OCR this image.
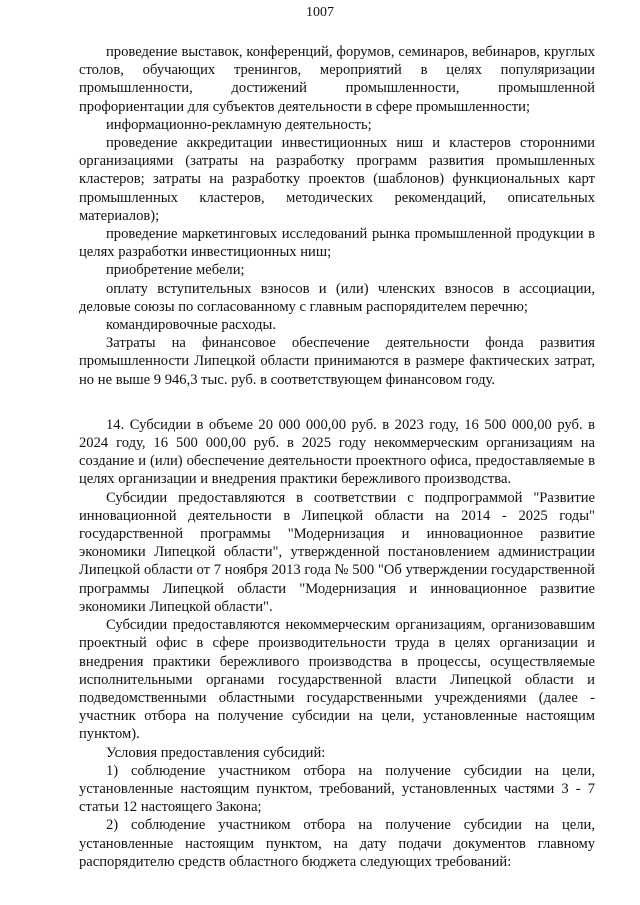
1007

проведение выставок, конференций, форумов, семинаров, вебинаров, круглых столов, обучающих тренингов, мероприятий в целях популяризации промышленности, достижений промышленности, промышленной профориентации для субъектов деятельности в сфере промышленности;

информационно-рекламную деятельность;

проведение аккредитации инвестиционных ниш и кластеров сторонними организациями (затраты на разработку программ развития промышленных кластеров; затраты на разработку проектов (шаблонов) функциональных карт промышленных кластеров, методических рекомендаций, описательных материалов);

проведение маркетинговых исследований рынка промышленной продукции в целях разработки инвестиционных ниш;

приобретение мебели;

оплату вступительных взносов и (или) членских взносов в ассоциации, деловые союзы по согласованному с главным распорядителем перечню;

командировочные расходы.

Затраты на финансовое обеспечение деятельности фонда развития промышленности Липецкой области принимаются в размере фактических затрат, но не выше 9 946,3 тыс. руб. в соответствующем финансовом году.

14. Субсидии в объеме 20 000 000,00 руб. в 2023 году, 16 500 000,00 руб. в 2024 году, 16 500 000,00 руб. в 2025 году некоммерческим организациям на создание и (или) обеспечение деятельности проектного офиса, предоставляемые в целях организации и внедрения практики бережливого производства.

Субсидии предоставляются в соответствии с подпрограммой "Развитие инновационной деятельности в Липецкой области на 2014 - 2025 годы" государственной программы "Модернизация и инновационное развитие экономики Липецкой области", утвержденной постановлением администрации Липецкой области от 7 ноября 2013 года № 500 "Об утверждении государственной программы Липецкой области "Модернизация и инновационное развитие экономики Липецкой области".

Субсидии предоставляются некоммерческим организациям, организовавшим проектный офис в сфере производительности труда в целях организации и внедрения практики бережливого производства в процессы, осуществляемые исполнительными органами государственной власти Липецкой области и подведомственными областными государственными учреждениями (далее - участник отбора на получение субсидии на цели, установленные настоящим пунктом).

Условия предоставления субсидий:

1) соблюдение участником отбора на получение субсидии на цели, установленные настоящим пунктом, требований, установленных частями 3 - 7 статьи 12 настоящего Закона;

2) соблюдение участником отбора на получение субсидии на цели, установленные настоящим пунктом, на дату подачи документов главному распорядителю средств областного бюджета следующих требований:
